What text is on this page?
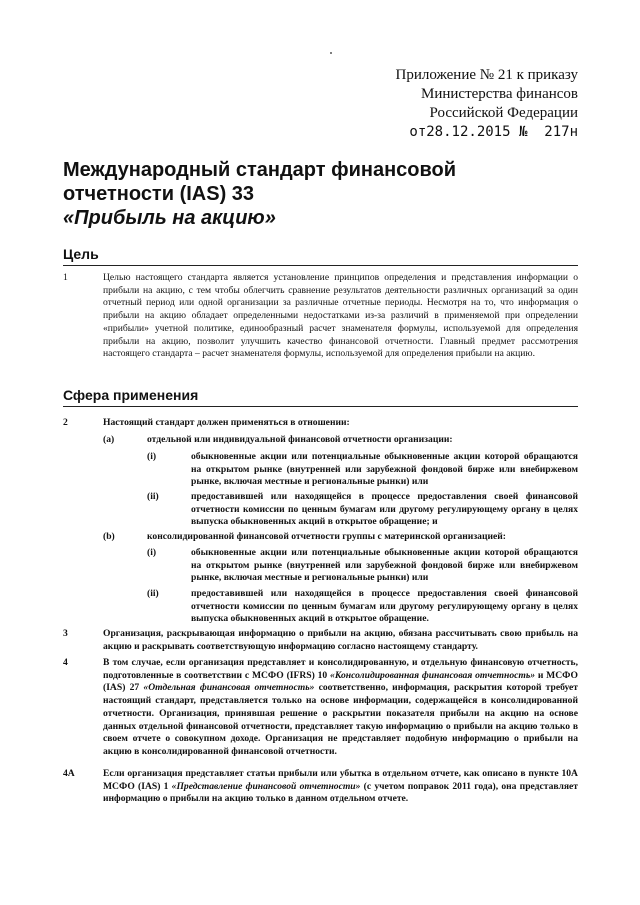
Приложение № 21 к приказу
Министерства финансов
Российской Федерации
от28.12.2015 № 217н
Международный стандарт финансовой
отчетности (IAS) 33
«Прибыль на акцию»
Цель
1	Целью настоящего стандарта является установление принципов определения и представления информации о прибыли на акцию, с тем чтобы облегчить сравнение результатов деятельности различных организаций за один отчетный период или одной организации за различные отчетные периоды. Несмотря на то, что информация о прибыли на акцию обладает определенными недостатками из-за различий в применяемой при определении «прибыли» учетной политике, единообразный расчет знаменателя формулы, используемой для определения прибыли на акцию, позволит улучшить качество финансовой отчетности. Главный предмет рассмотрения настоящего стандарта – расчет знаменателя формулы, используемой для определения прибыли на акцию.
Сфера применения
2	Настоящий стандарт должен применяться в отношении:
(a)	отдельной или индивидуальной финансовой отчетности организации:
(i)	обыкновенные акции или потенциальные обыкновенные акции которой обращаются на открытом рынке (внутренней или зарубежной фондовой бирже или внебиржевом рынке, включая местные и региональные рынки) или
(ii)	предоставившей или находящейся в процессе предоставления своей финансовой отчетности комиссии по ценным бумагам или другому регулирующему органу в целях выпуска обыкновенных акций в открытое обращение; и
(b)	консолидированной финансовой отчетности группы с материнской организацией:
(i)	обыкновенные акции или потенциальные обыкновенные акции которой обращаются на открытом рынке (внутренней или зарубежной фондовой бирже или внебиржевом рынке, включая местные и региональные рынки) или
(ii)	предоставившей или находящейся в процессе предоставления своей финансовой отчетности комиссии по ценным бумагам или другому регулирующему органу в целях выпуска обыкновенных акций в открытое обращение.
3	Организация, раскрывающая информацию о прибыли на акцию, обязана рассчитывать свою прибыль на акцию и раскрывать соответствующую информацию согласно настоящему стандарту.
4	В том случае, если организация представляет и консолидированную, и отдельную финансовую отчетность, подготовленные в соответствии с МСФО (IFRS) 10 «Консолидированная финансовая отчетность» и МСФО (IAS) 27 «Отдельная финансовая отчетность» соответственно, информация, раскрытия которой требует настоящий стандарт, представляется только на основе информации, содержащейся в консолидированной отчетности. Организация, принявшая решение о раскрытии показателя прибыли на акцию на основе данных отдельной финансовой отчетности, представляет такую информацию о прибыли на акцию только в своем отчете о совокупном доходе. Организация не представляет подобную информацию о прибыли на акцию в консолидированной финансовой отчетности.
4A	Если организация представляет статьи прибыли или убытка в отдельном отчете, как описано в пункте 10A МСФО (IAS) 1 «Представление финансовой отчетности» (с учетом поправок 2011 года), она представляет информацию о прибыли на акцию только в данном отдельном отчете.
